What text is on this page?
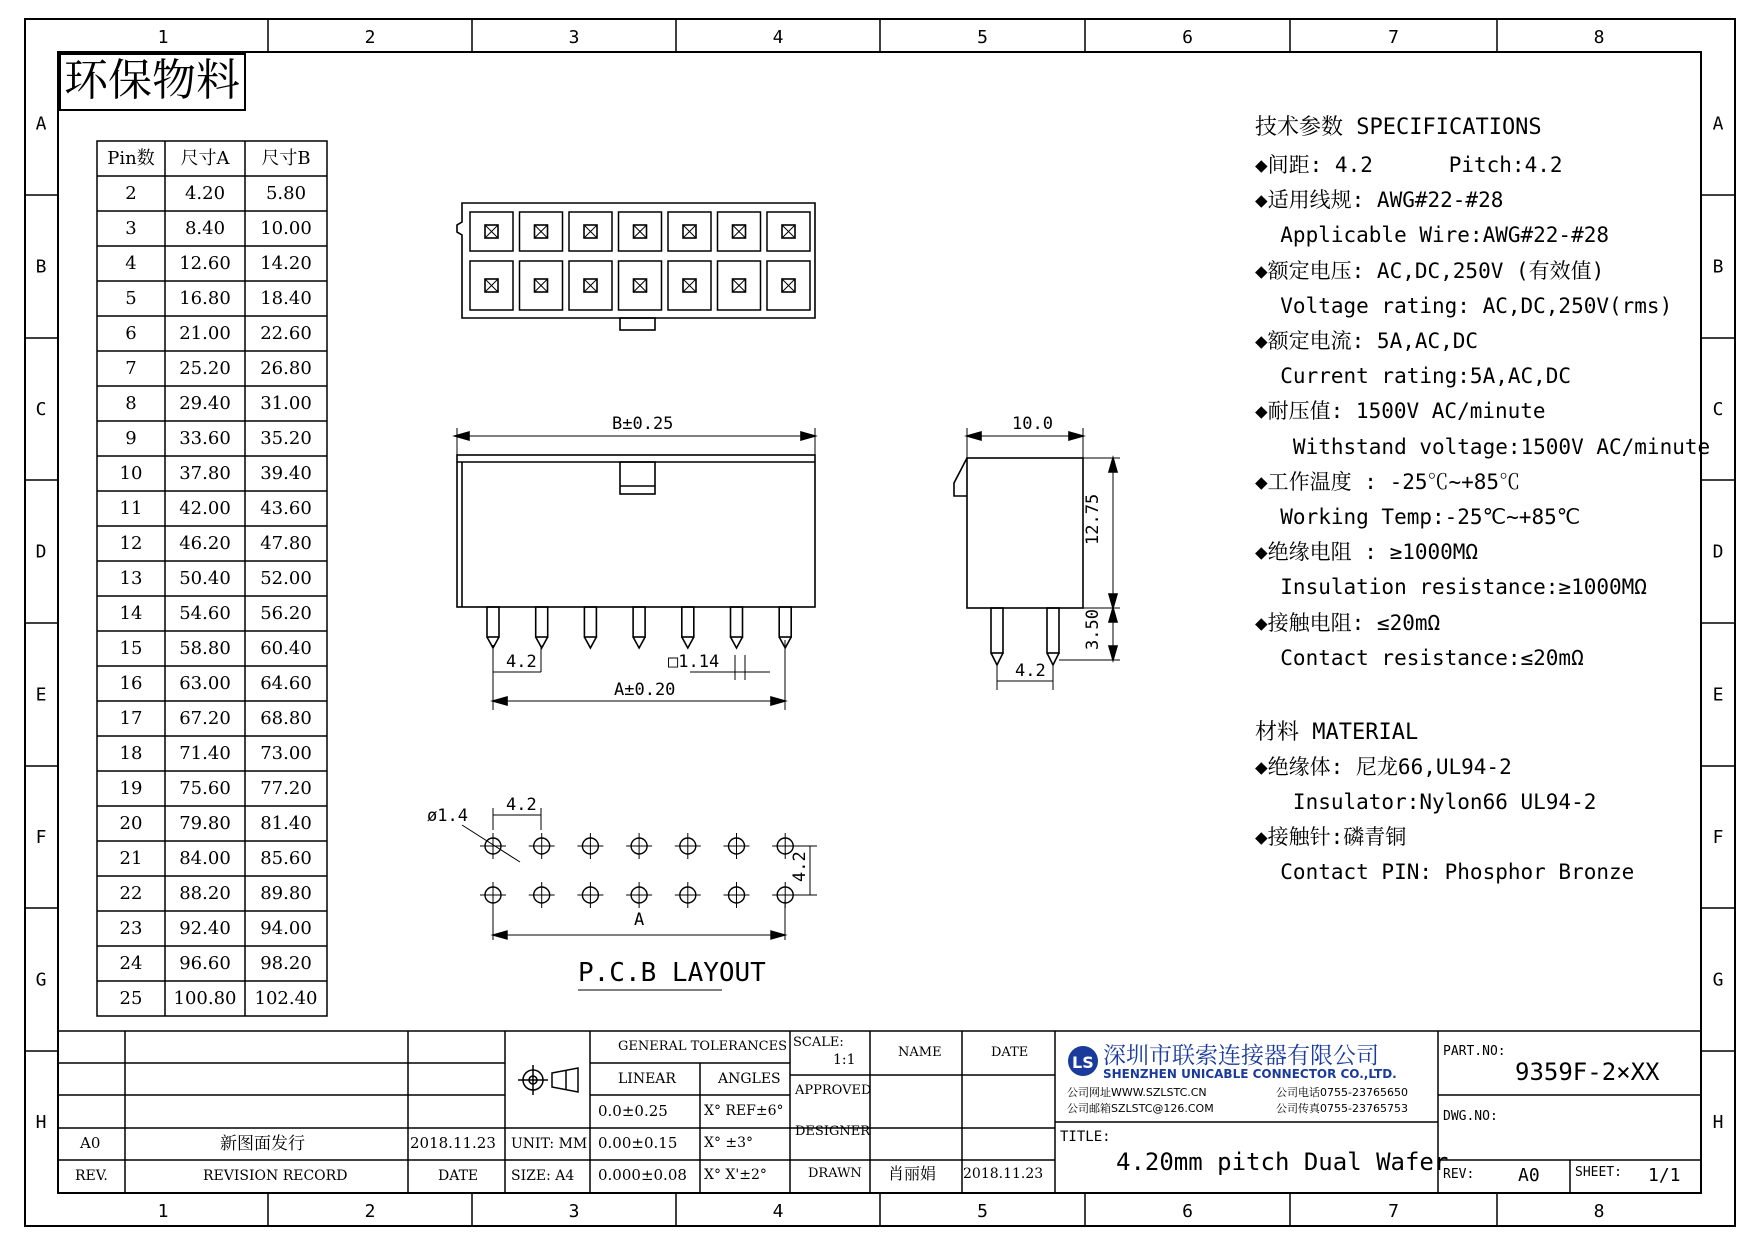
1
1
2
2
3
3
4
4
5
5
6
6
7
7
8
8
A	A
B	B
C	C
D	D
E	E
F	F
G	G
H	H
LS
环保物料
Pin数	尺寸A	尺寸B
2	4.20	5.80
3	8.40	10.00
4	12.60	14.20
5	16.80	18.40
6	21.00	22.60
7	25.20	26.80
8	29.40	31.00
9	33.60	35.20
10	37.80	39.40
11	42.00	43.60
12	46.20	47.80
13	50.40	52.00
14	54.60	56.20
15	58.80	60.40
16	63.00	64.60
17	67.20	68.80
18	71.40	73.00
19	75.60	77.20
20	79.80	81.40
21	84.00	85.60
22	88.20	89.80
23	92.40	94.00
24	96.60	98.20
25	100.80	102.40
B±0.25
4.2	□1.14
A±0.20
10.0
12.75
3.50
4.2
ø1.4
4.2
4.2
A
P.C.B LAYOUT
技术参数 SPECIFICATIONS
◆间距: 4.2      Pitch:4.2
◆适用线规: AWG#22-#28
Applicable Wire:AWG#22-#28
◆额定电压: AC,DC,250V (有效值)
Voltage rating: AC,DC,250V(rms)
◆额定电流: 5A,AC,DC
Current rating:5A,AC,DC
◆耐压值: 1500V AC/minute
Withstand voltage:1500V AC/minute
◆工作温度 : -25℃~+85℃
Working Temp:-25℃~+85℃
◆绝缘电阻 : ≥1000MΩ
Insulation resistance:≥1000MΩ
◆接触电阻: ≤20mΩ
Contact resistance:≤20mΩ
材料 MATERIAL
◆绝缘体: 尼龙66,UL94-2
Insulator:Nylon66 UL94-2
◆接触针:磷青铜
Contact PIN: Phosphor Bronze
A0	新图面发行	2018.11.23
REV.	REVISION RECORD	DATE
UNIT: MM
SIZE: A4
GENERAL TOLERANCES
LINEAR	ANGLES
0.0±0.25
0.00±0.15
0.000±0.08
X° REF±6°
X° ±3°
X° X'±2°
SCALE:
1:1
APPROVED
DESIGNER
DRAWN
NAME	DATE
肖丽娟 2018.11.23
深圳市联索连接器有限公司
SHENZHEN UNICABLE CONNECTOR CO.,LTD.
公司网址WWW.SZLSTC.CN
公司邮箱SZLSTC@126.COM
公司电话0755-23765650
公司传真0755-23765753
TITLE:
4.20mm pitch Dual Wafer
PART.NO:
9359F-2×XX
DWG.NO:
REV: A0	SHEET: 1/1
